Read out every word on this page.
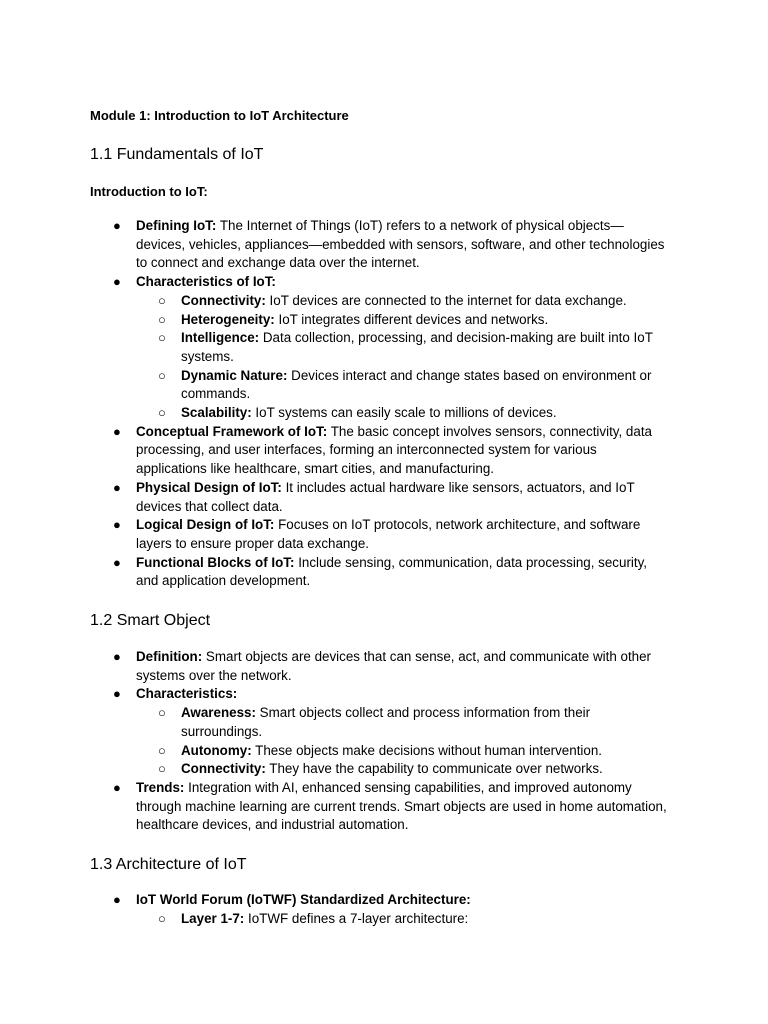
Module 1: Introduction to IoT Architecture
1.1 Fundamentals of IoT
Introduction to IoT:
● Defining IoT: The Internet of Things (IoT) refers to a network of physical objects—devices, vehicles, appliances—embedded with sensors, software, and other technologies to connect and exchange data over the internet.
● Characteristics of IoT:
○ Connectivity: IoT devices are connected to the internet for data exchange.
○ Heterogeneity: IoT integrates different devices and networks.
○ Intelligence: Data collection, processing, and decision-making are built into IoT systems.
○ Dynamic Nature: Devices interact and change states based on environment or commands.
○ Scalability: IoT systems can easily scale to millions of devices.
● Conceptual Framework of IoT: The basic concept involves sensors, connectivity, data processing, and user interfaces, forming an interconnected system for various applications like healthcare, smart cities, and manufacturing.
● Physical Design of IoT: It includes actual hardware like sensors, actuators, and IoT devices that collect data.
● Logical Design of IoT: Focuses on IoT protocols, network architecture, and software layers to ensure proper data exchange.
● Functional Blocks of IoT: Include sensing, communication, data processing, security, and application development.
1.2 Smart Object
● Definition: Smart objects are devices that can sense, act, and communicate with other systems over the network.
● Characteristics:
○ Awareness: Smart objects collect and process information from their surroundings.
○ Autonomy: These objects make decisions without human intervention.
○ Connectivity: They have the capability to communicate over networks.
● Trends: Integration with AI, enhanced sensing capabilities, and improved autonomy through machine learning are current trends. Smart objects are used in home automation, healthcare devices, and industrial automation.
1.3 Architecture of IoT
● IoT World Forum (IoTWF) Standardized Architecture:
○ Layer 1-7: IoTWF defines a 7-layer architecture:
